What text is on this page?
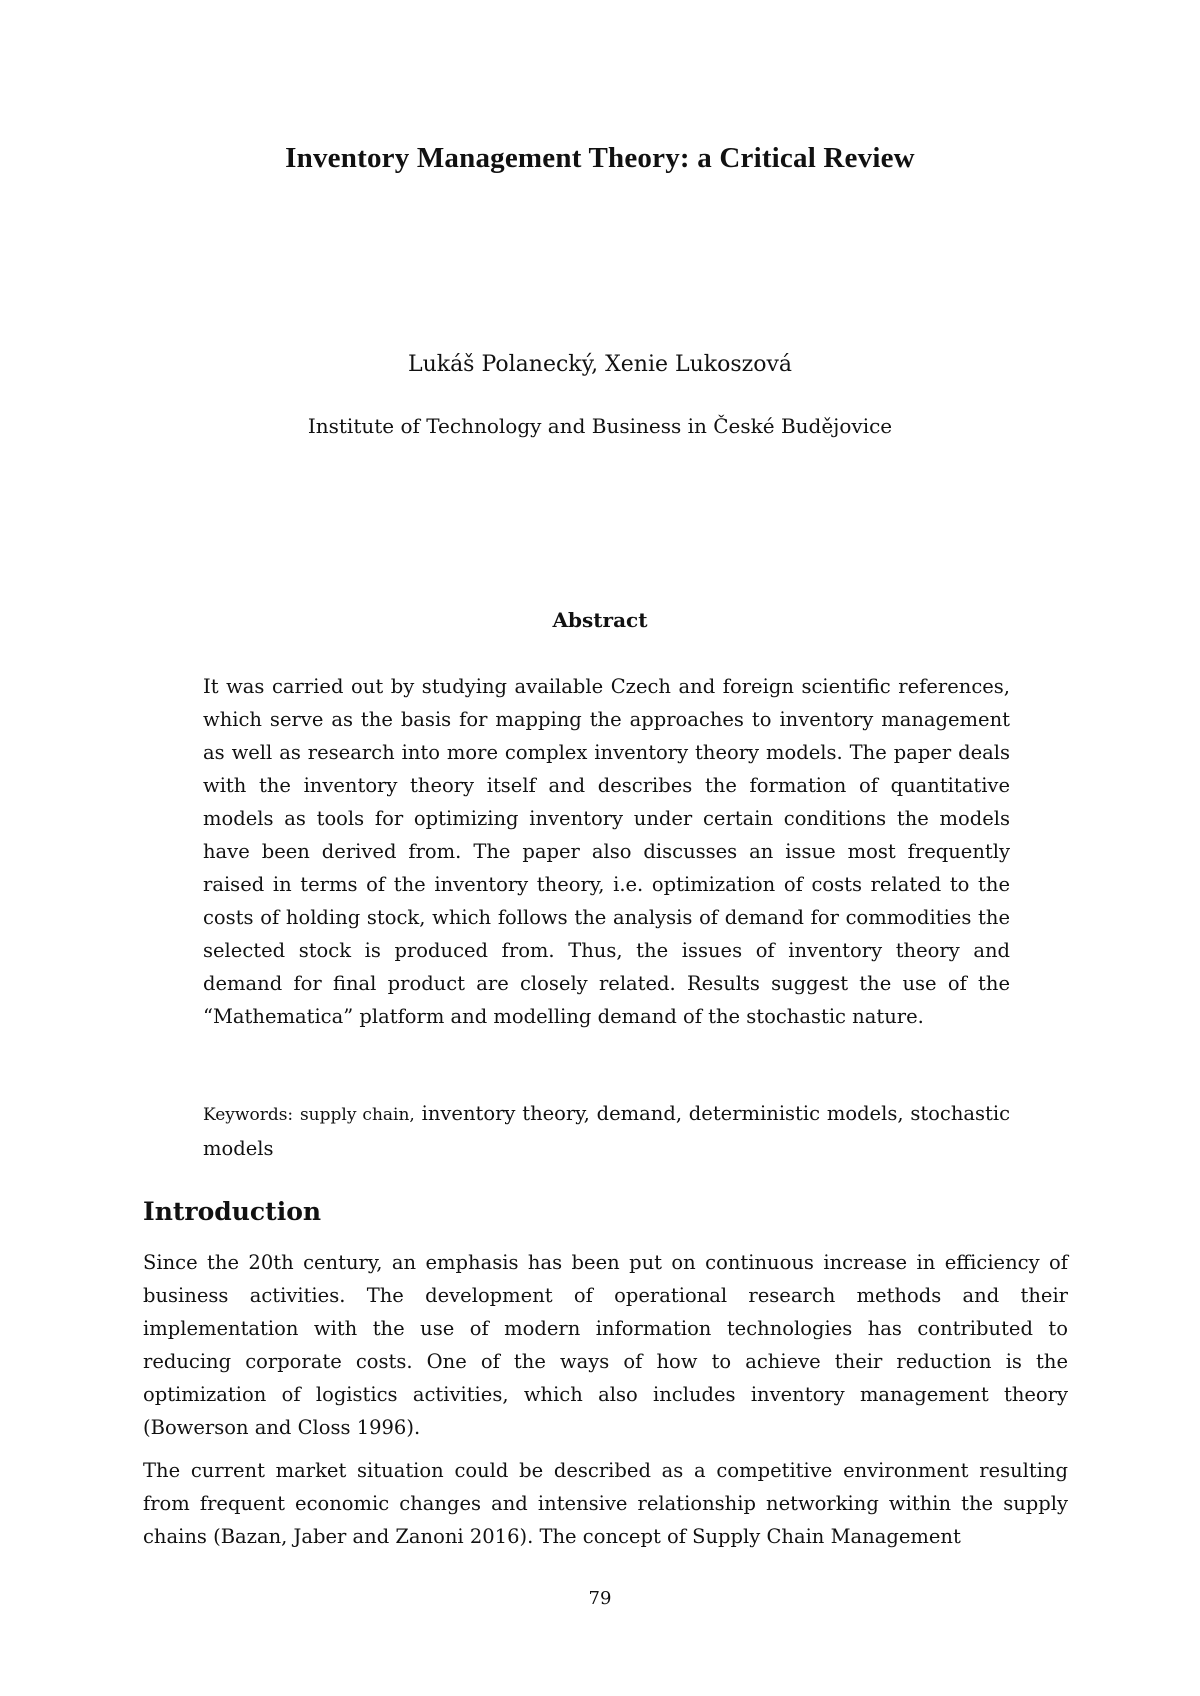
Inventory Management Theory: a Critical Review
Lukáš Polanecký, Xenie Lukoszová
Institute of Technology and Business in České Budějovice
Abstract
It was carried out by studying available Czech and foreign scientific references, which serve as the basis for mapping the approaches to inventory management as well as research into more complex inventory theory models. The paper deals with the inventory theory itself and describes the formation of quantitative models as tools for optimizing inventory under certain conditions the models have been derived from. The paper also discusses an issue most frequently raised in terms of the inventory theory, i.e. optimization of costs related to the costs of holding stock, which follows the analysis of demand for commodities the selected stock is produced from. Thus, the issues of inventory theory and demand for final product are closely related. Results suggest the use of the “Mathematica” platform and modelling demand of the stochastic nature.
Keywords: supply chain, inventory theory, demand, deterministic models, stochastic models
Introduction
Since the 20th century, an emphasis has been put on continuous increase in efficiency of business activities. The development of operational research methods and their implementation with the use of modern information technologies has contributed to reducing corporate costs. One of the ways of how to achieve their reduction is the optimization of logistics activities, which also includes inventory management theory (Bowerson and Closs 1996).
The current market situation could be described as a competitive environment resulting from frequent economic changes and intensive relationship networking within the supply chains (Bazan, Jaber and Zanoni 2016). The concept of Supply Chain Management
79
